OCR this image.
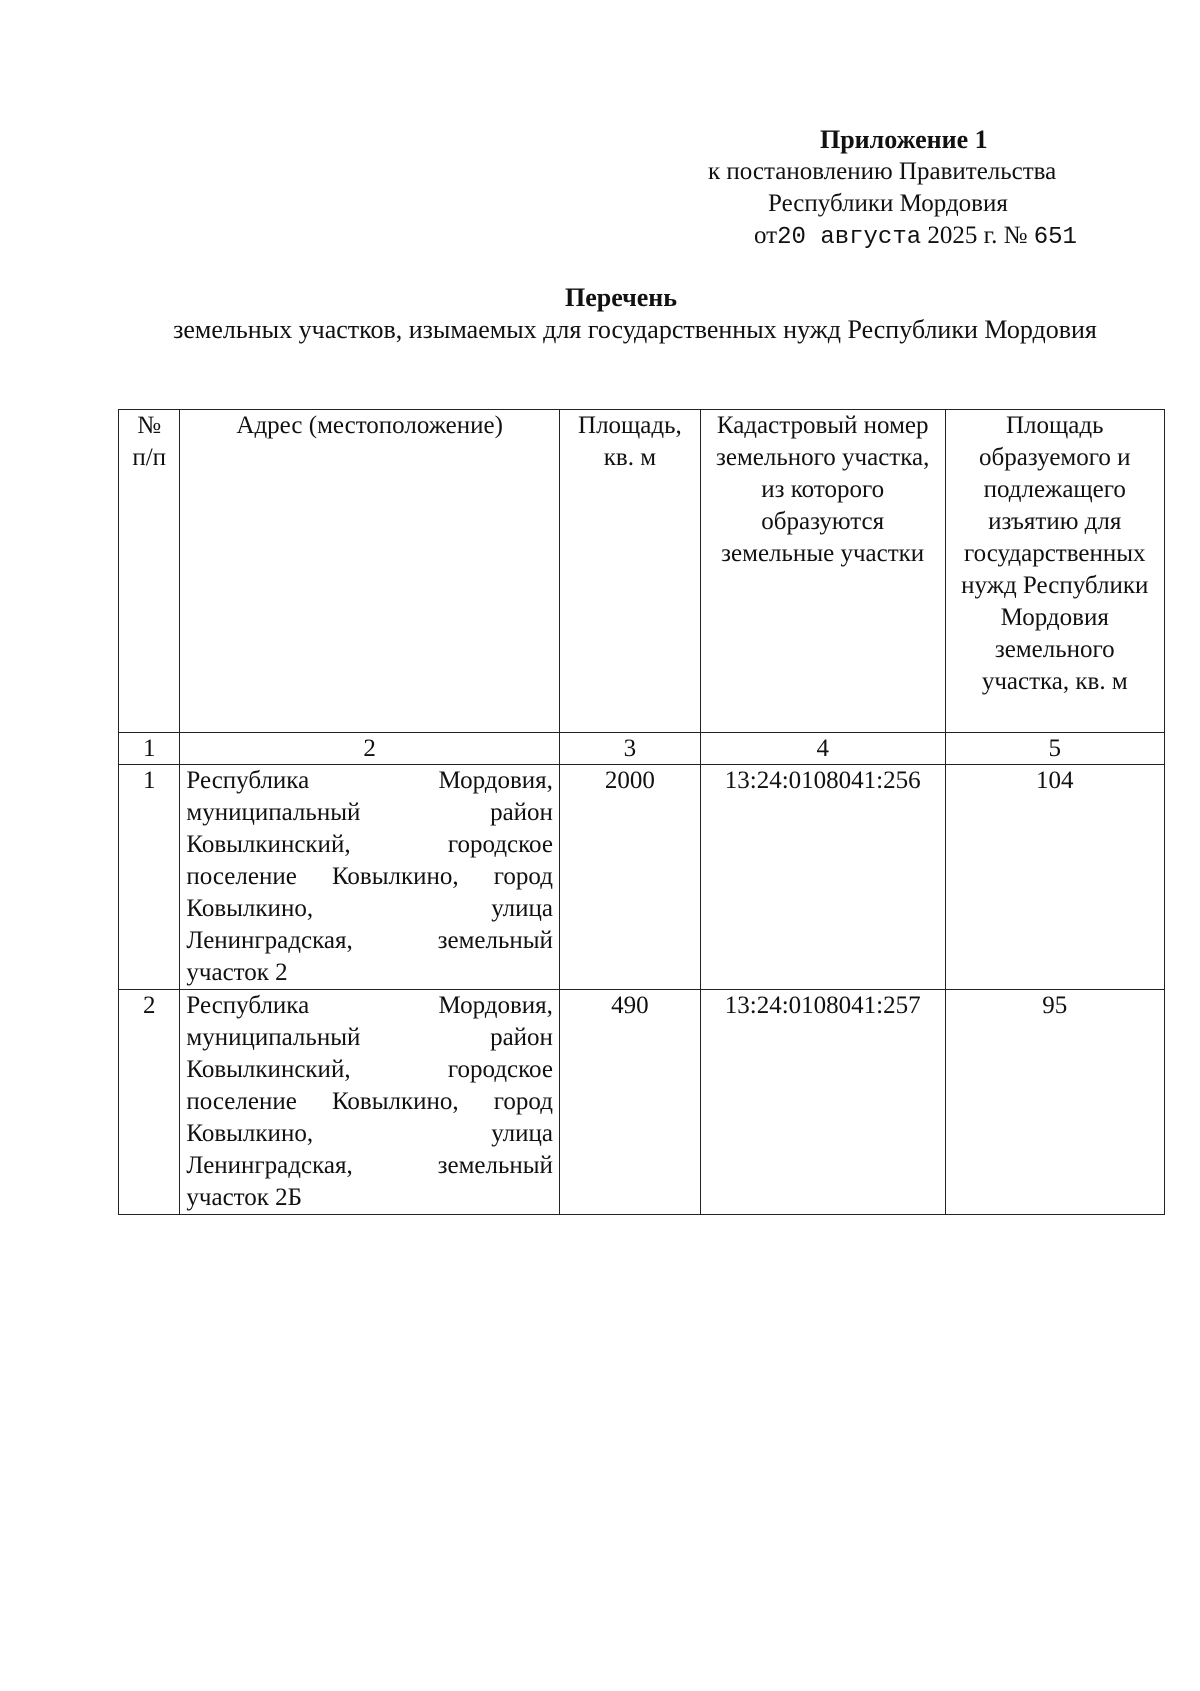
Приложение 1
к постановлению Правительства
Республики Мордовия
от20 августа 2025 г. № 651
Перечень
земельных участков, изымаемых для государственных нужд Республики Мордовия
№ п/п	Адрес (местоположение)	Площадь, кв. м	Кадастровый номер земельного участка, из которого образуются земельные участки	Площадь образуемого и подлежащего изъятию для государственных нужд Республики Мордовия земельного участка, кв. м
1	2	3	4	5
1	Республика Мордовия, муниципальный район Ковылкинский, городское поселение Ковылкино, город Ковылкино, улица Ленинградская, земельный участок 2	2000	13:24:0108041:256	104
2	Республика Мордовия, муниципальный район Ковылкинский, городское поселение Ковылкино, город Ковылкино, улица Ленинградская, земельный участок 2Б	490	13:24:0108041:257	95
